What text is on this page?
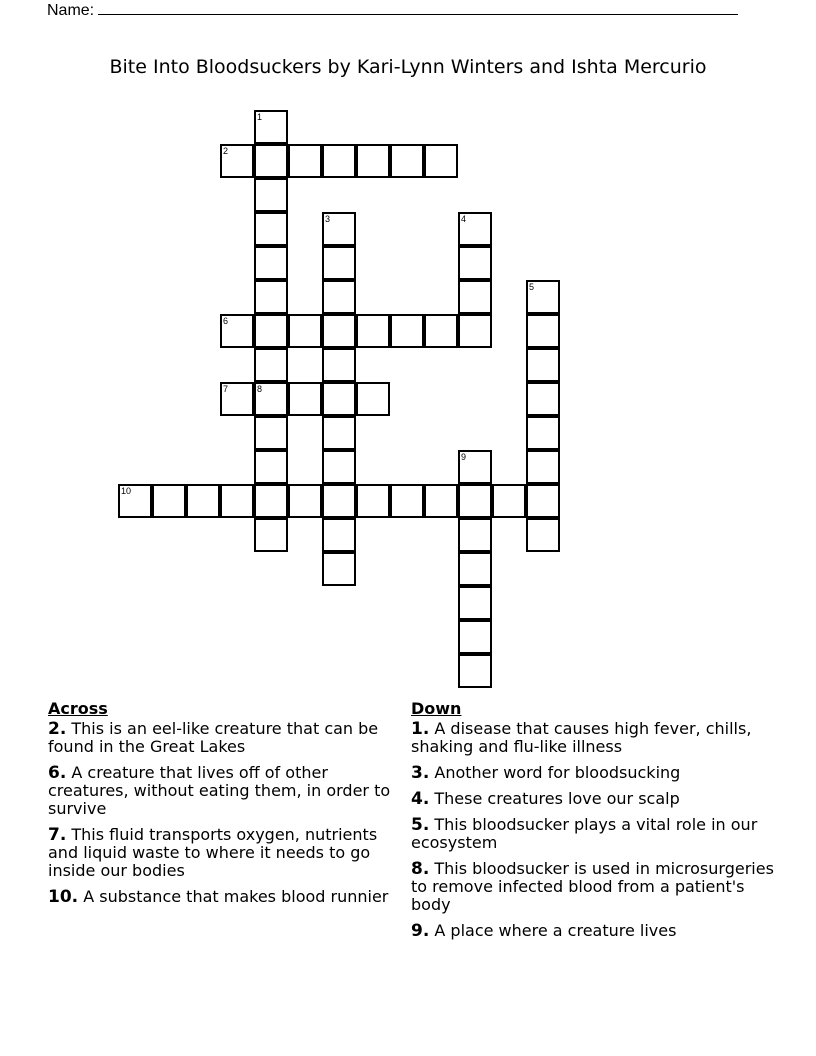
Name:
Bite Into Bloodsuckers by Kari-Lynn Winters and Ishta Mercurio
2
6
7	8
10
1
3	4
5
9
Across
2. This is an eel-like creature that can be found in the Great Lakes
6. A creature that lives off of other creatures, without eating them, in order to survive
7. This fluid transports oxygen, nutrients and liquid waste to where it needs to go inside our bodies
10. A substance that makes blood runnier
Down
1. A disease that causes high fever, chills, shaking and flu-like illness
3. Another word for bloodsucking
4. These creatures love our scalp
5. This bloodsucker plays a vital role in our ecosystem
8. This bloodsucker is used in microsurgeries to remove infected blood from a patient's body
9. A place where a creature lives
